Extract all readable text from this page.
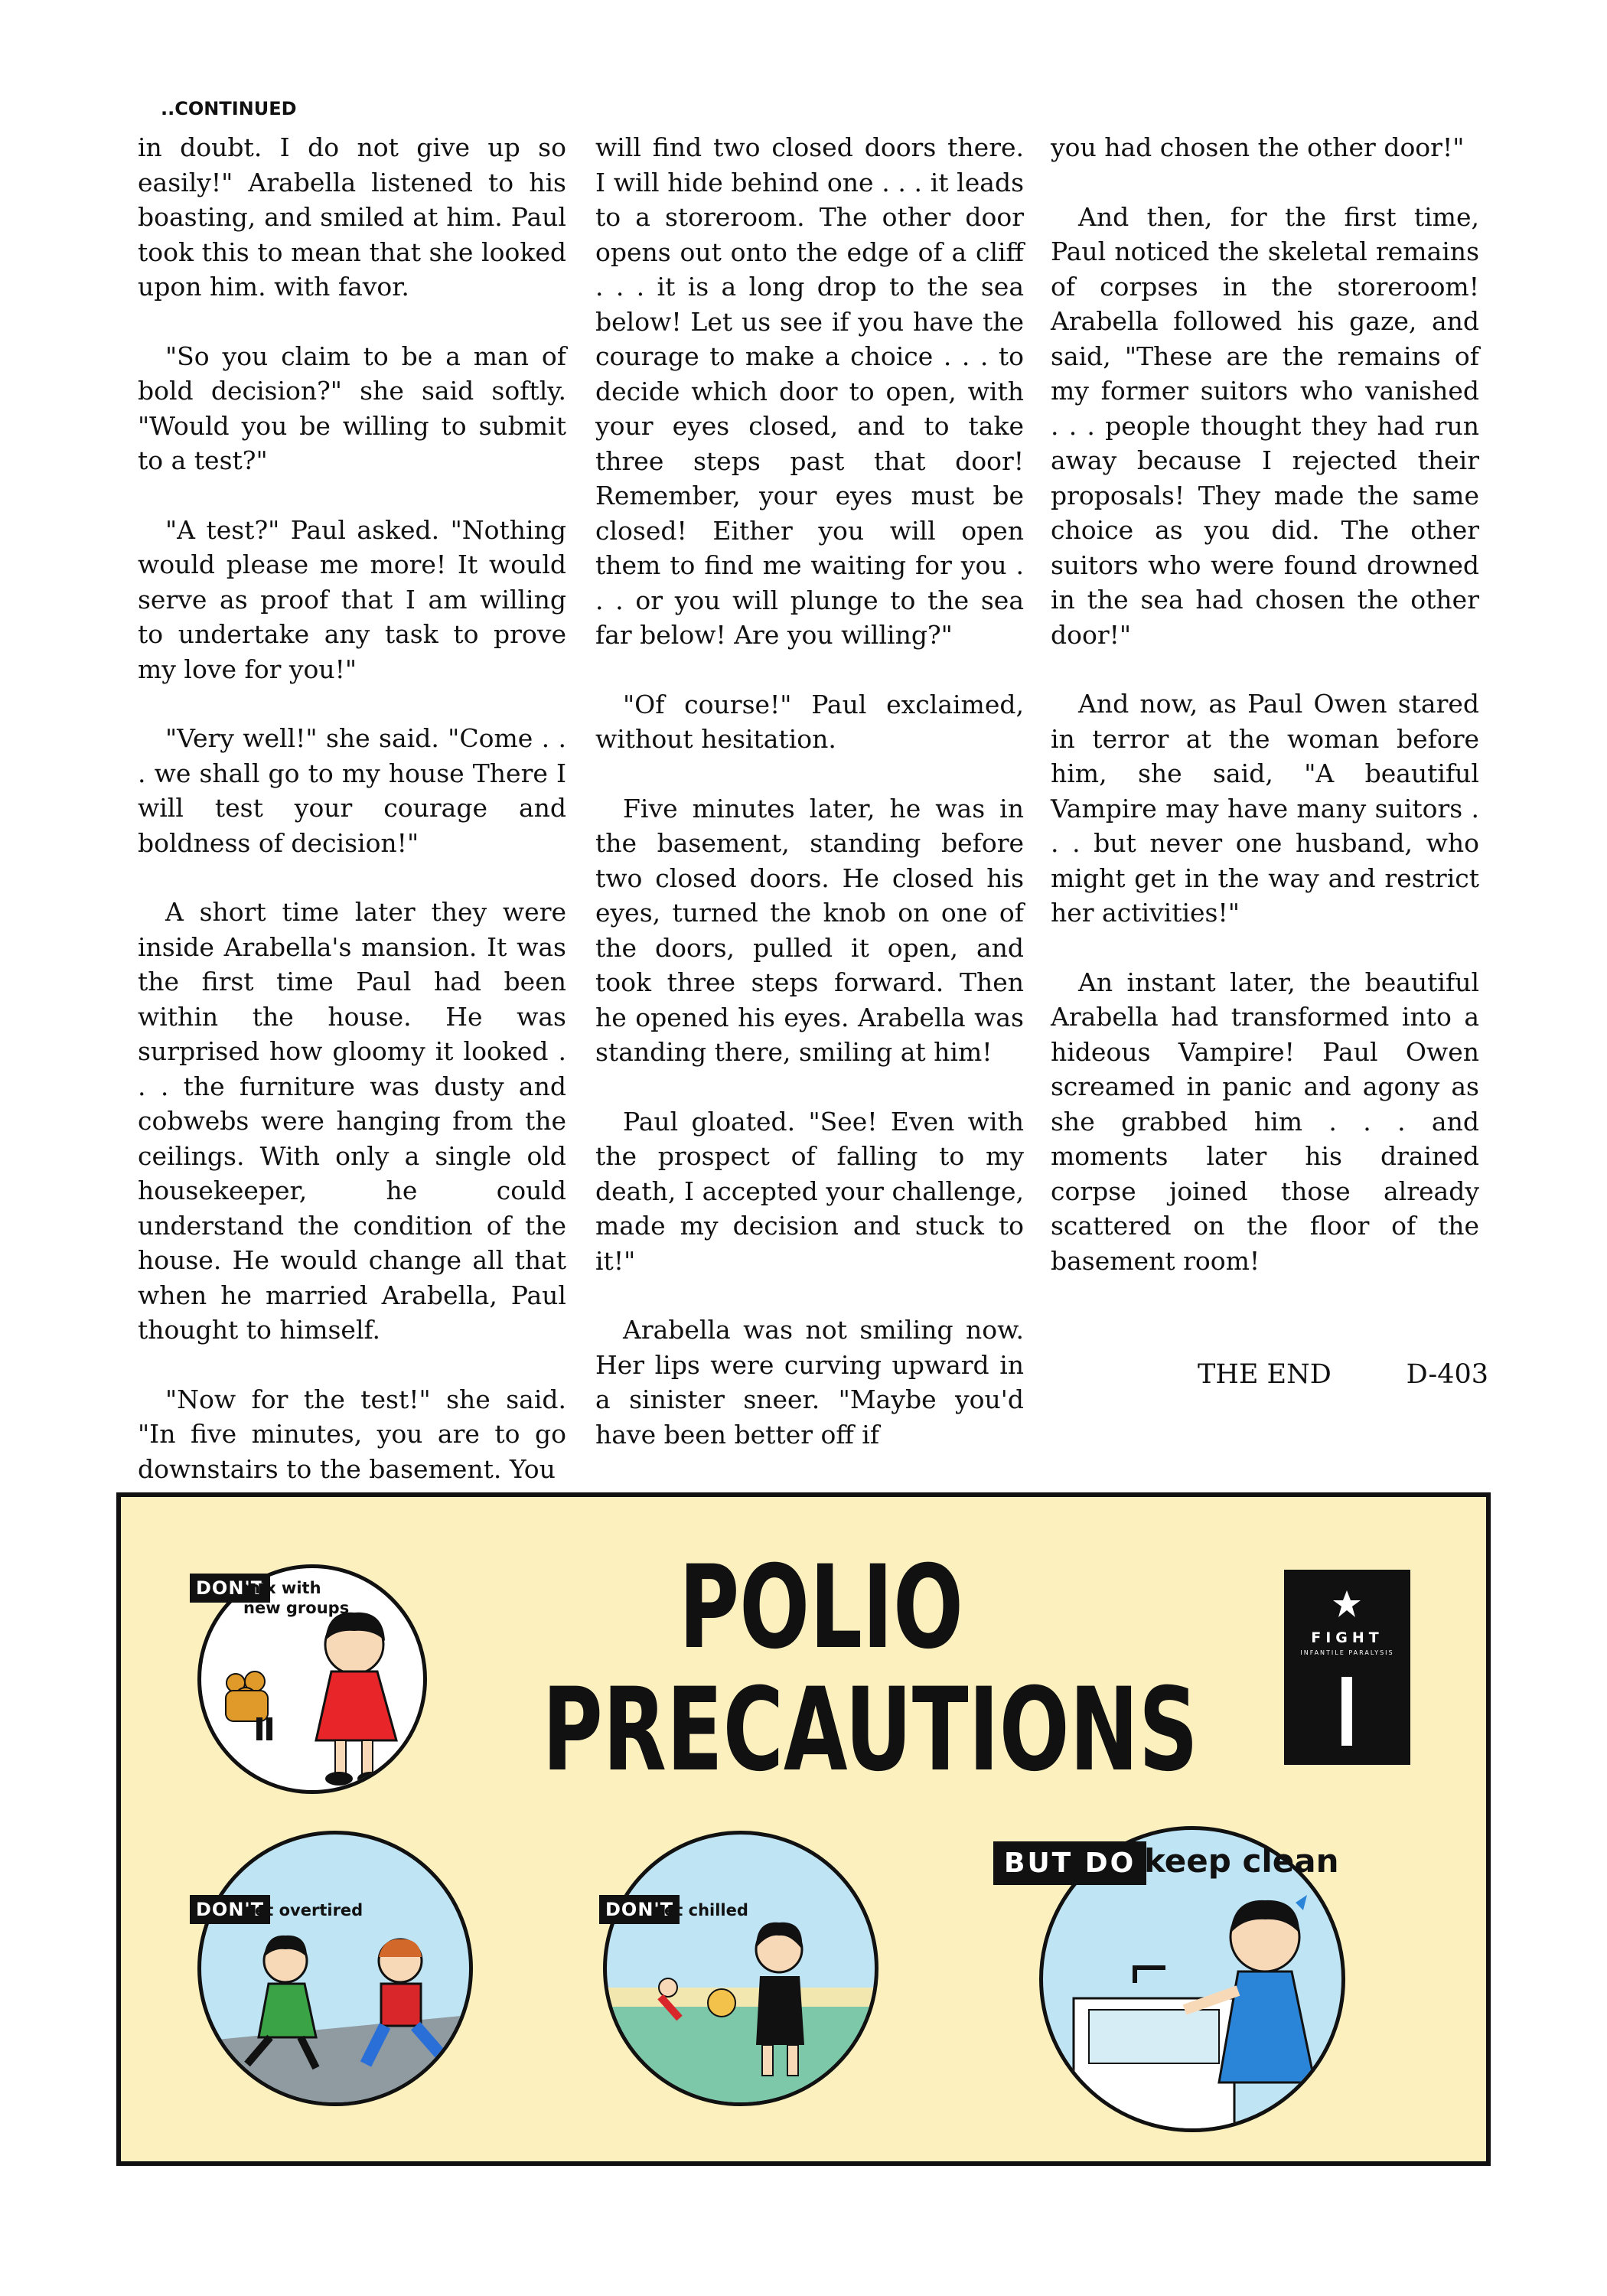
..CONTINUED

in doubt. I do not give up so easily!" Arabella listened to his boasting, and smiled at him. Paul took this to mean that she looked upon him. with favor.

"So you claim to be a man of bold decision?" she said softly. "Would you be willing to submit to a test?"

"A test?" Paul asked. "Nothing would please me more! It would serve as proof that I am willing to undertake any task to prove my love for you!"

"Very well!" she said. "Come . . . we shall go to my house There I will test your courage and boldness of decision!"

A short time later they were inside Arabella's mansion. It was the first time Paul had been within the house. He was surprised how gloomy it looked . . . the furniture was dusty and cobwebs were hanging from the ceilings. With only a single old housekeeper, he could understand the condition of the house. He would change all that when he married Arabella, Paul thought to himself.

"Now for the test!" she said. "In five minutes, you are to go downstairs to the basement. You

will find two closed doors there. I will hide behind one . . . it leads to a storeroom. The other door opens out onto the edge of a cliff . . . it is a long drop to the sea below! Let us see if you have the courage to make a choice . . . to decide which door to open, with your eyes closed, and to take three steps past that door! Remember, your eyes must be closed! Either you will open them to find me waiting for you . . . or you will plunge to the sea far below! Are you willing?"

"Of course!" Paul exclaimed, without hesitation.

Five minutes later, he was in the basement, standing before two closed doors. He closed his eyes, turned the knob on one of the doors, pulled it open, and took three steps forward. Then he opened his eyes. Arabella was standing there, smiling at him!

Paul gloated. "See! Even with the prospect of falling to my death, I accepted your challenge, made my decision and stuck to it!"

Arabella was not smiling now. Her lips were curving upward in a sinister sneer. "Maybe you'd have been better off if

you had chosen the other door!"

And then, for the first time, Paul noticed the skeletal remains of corpses in the storeroom! Arabella followed his gaze, and said, "These are the remains of my former suitors who vanished . . . people thought they had run away because I rejected their proposals! They made the same choice as you did. The other suitors who were found drowned in the sea had chosen the other door!"

And now, as Paul Owen stared in terror at the woman before him, she said, "A beautiful Vampire may have many suitors . . . but never one husband, who might get in the way and restrict her activities!"

An instant later, the beautiful Arabella had transformed into a hideous Vampire! Paul Owen screamed in panic and agony as she grabbed him . . . and moments later his drained corpse joined those already scattered on the floor of the basement room!

THE END	D-403
POLIO
PRECAUTIONS
FIGHT
INFANTILE PARALYSIS
DON'T
mix with new groups
DON'T
get overtired	DON'T
get chilled
BUT DO keep clean
